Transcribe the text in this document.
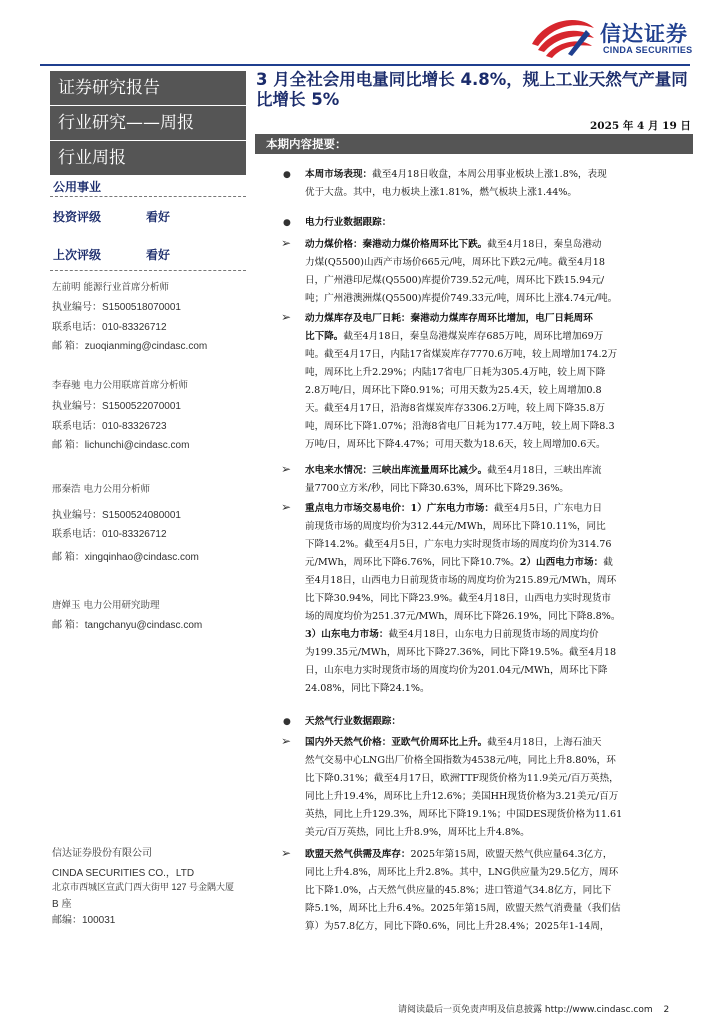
信达证券
CINDA SECURITIES
证券研究报告
行业研究——周报
行业周报
公用事业
投资评级	看好
上次评级	看好
左前明 能源行业首席分析师
执业编号：S1500518070001
联系电话：010-83326712
邮 箱：zuoqianming@cindasc.com
李春驰 电力公用联席首席分析师
执业编号：S1500522070001
联系电话：010-83326723
邮 箱：lichunchi@cindasc.com
邢秦浩 电力公用分析师
执业编号：S1500524080001
联系电话：010-83326712
邮 箱：xingqinhao@cindasc.com
唐婵玉 电力公用研究助理
邮 箱：tangchanyu@cindasc.com
信达证券股份有限公司
CINDA SECURITIES CO.，LTD
北京市西城区宣武门西大街甲 127 号金隅大厦
B 座
邮编：100031
3 月全社会用电量同比增长 4.8%，规上工业天然气产量同比增长 5%
2025 年 4 月 19 日
本期内容提要：
● 本周市场表现：截至4月18日收盘，本周公用事业板块上涨1.8%，表现
优于大盘。其中，电力板块上涨1.81%，燃气板块上涨1.44%。
● 电力行业数据跟踪：
➢ 动力煤价格：秦港动力煤价格周环比下跌。截至4月18日，秦皇岛港动
力煤(Q5500)山西产市场价665元/吨，周环比下跌2元/吨。截至4月18
日，广州港印尼煤(Q5500)库提价739.52元/吨，周环比下跌15.94元/
吨；广州港澳洲煤(Q5500)库提价749.33元/吨，周环比上涨4.74元/吨。
➢ 动力煤库存及电厂日耗：秦港动力煤库存周环比增加，电厂日耗周环
比下降。截至4月18日，秦皇岛港煤炭库存685万吨，周环比增加69万
吨。截至4月17日，内陆17省煤炭库存7770.6万吨，较上周增加174.2万
吨，周环比上升2.29%；内陆17省电厂日耗为305.4万吨，较上周下降
2.8万吨/日，周环比下降0.91%；可用天数为25.4天，较上周增加0.8
天。截至4月17日，沿海8省煤炭库存3306.2万吨，较上周下降35.8万
吨，周环比下降1.07%；沿海8省电厂日耗为177.4万吨，较上周下降8.3
万吨/日，周环比下降4.47%；可用天数为18.6天，较上周增加0.6天。
➢ 水电来水情况：三峡出库流量周环比减少。截至4月18日，三峡出库流
量7700立方米/秒，同比下降30.63%，周环比下降29.36%。
➢ 重点电力市场交易电价：1）广东电力市场：截至4月5日，广东电力日
前现货市场的周度均价为312.44元/MWh，周环比下降10.11%，同比
下降14.2%。截至4月5日，广东电力实时现货市场的周度均价为314.76
元/MWh，周环比下降6.76%，同比下降10.7%。2）山西电力市场：截
至4月18日，山西电力日前现货市场的周度均价为215.89元/MWh，周环
比下降30.94%，同比下降23.9%。截至4月18日，山西电力实时现货市
场的周度均价为251.37元/MWh，周环比下降26.19%，同比下降8.8%。
3）山东电力市场：截至4月18日，山东电力日前现货市场的周度均价
为199.35元/MWh，周环比下降27.36%，同比下降19.5%。截至4月18
日，山东电力实时现货市场的周度均价为201.04元/MWh，周环比下降
24.08%，同比下降24.1%。
● 天然气行业数据跟踪：
➢ 国内外天然气价格：亚欧气价周环比上升。截至4月18日，上海石油天
然气交易中心LNG出厂价格全国指数为4538元/吨，同比上升8.80%，环
比下降0.31%；截至4月17日，欧洲TTF现货价格为11.9美元/百万英热，
同比上升19.4%，周环比上升12.6%；美国HH现货价格为3.21美元/百万
英热，同比上升129.3%，周环比下降19.1%；中国DES现货价格为11.61
美元/百万英热，同比上升8.9%，周环比上升4.8%。
➢ 欧盟天然气供需及库存：2025年第15周，欧盟天然气供应量64.3亿方，
同比上升4.8%，周环比上升2.8%。其中，LNG供应量为29.5亿方，周环
比下降1.0%，占天然气供应量的45.8%；进口管道气34.8亿方，同比下
降5.1%，周环比上升6.4%。2025年第15周，欧盟天然气消费量（我们估
算）为57.8亿方，同比下降0.6%，同比上升28.4%；2025年1-14周，
请阅读最后一页免责声明及信息披露 http://www.cindasc.com 2
